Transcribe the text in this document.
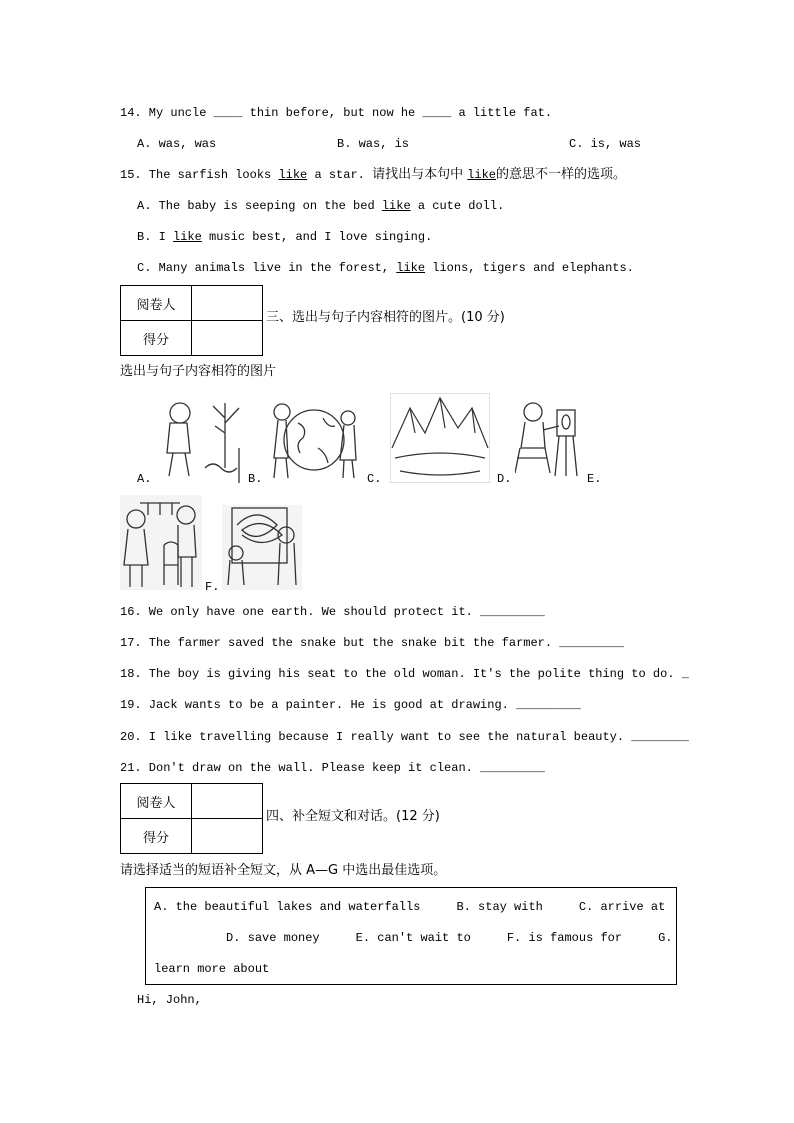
14. My uncle ____ thin before, but now he ____ a little fat.
A. was, was	B. was, is	C. is, was
15. The sarfish looks like a star. 请找出与本句中 like的意思不一样的选项。
A. The baby is seeping on the bed like a cute doll.
B. I like music best, and I love singing.
C. Many animals live in the forest, like lions, tigers and elephants.
阅卷人	
得分	
三、选出与句子内容相符的图片。(10 分)
选出与句子内容相符的图片
A.	B.	C.	D.	E.
F.
16. We only have one earth. We should protect it. _________
17. The farmer saved the snake but the snake bit the farmer. _________
18. The boy is giving his seat to the old woman. It's the polite thing to do. _
19. Jack wants to be a painter. He is good at drawing. _________
20. I like travelling because I really want to see the natural beauty. ________
21. Don't draw on the wall. Please keep it clean. _________
阅卷人	
得分	
四、补全短文和对话。(12 分)
请选择适当的短语补全短文，从 A—G 中选出最佳选项。
A. the beautiful lakes and waterfalls     B. stay with     C. arrive at
D. save money     E. can't wait to     F. is famous for     G.
learn more about
Hi, John,
